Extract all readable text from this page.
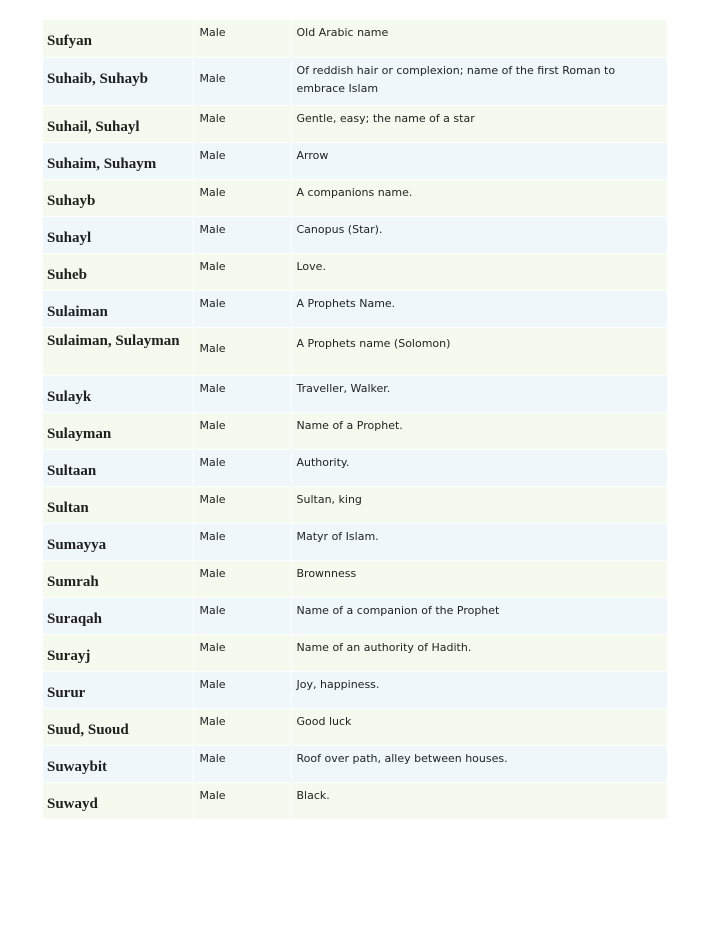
Sufyan	Male	Old Arabic name
Suhaib, Suhayb	Male	Of reddish hair or complexion; name of the first Roman to embrace Islam
Suhail, Suhayl	Male	Gentle, easy; the name of a star
Suhaim, Suhaym	Male	Arrow
Suhayb	Male	A companions name.
Suhayl	Male	Canopus (Star).
Suheb	Male	Love.
Sulaiman	Male	A Prophets Name.
Sulaiman, Sulayman	Male	A Prophets name (Solomon)
Sulayk	Male	Traveller, Walker.
Sulayman	Male	Name of a Prophet.
Sultaan	Male	Authority.
Sultan	Male	Sultan, king
Sumayya	Male	Matyr of Islam.
Sumrah	Male	Brownness
Suraqah	Male	Name of a companion of the Prophet
Surayj	Male	Name of an authority of Hadith.
Surur	Male	Joy, happiness.
Suud, Suoud	Male	Good luck
Suwaybit	Male	Roof over path, alley between houses.
Suwayd	Male	Black.
